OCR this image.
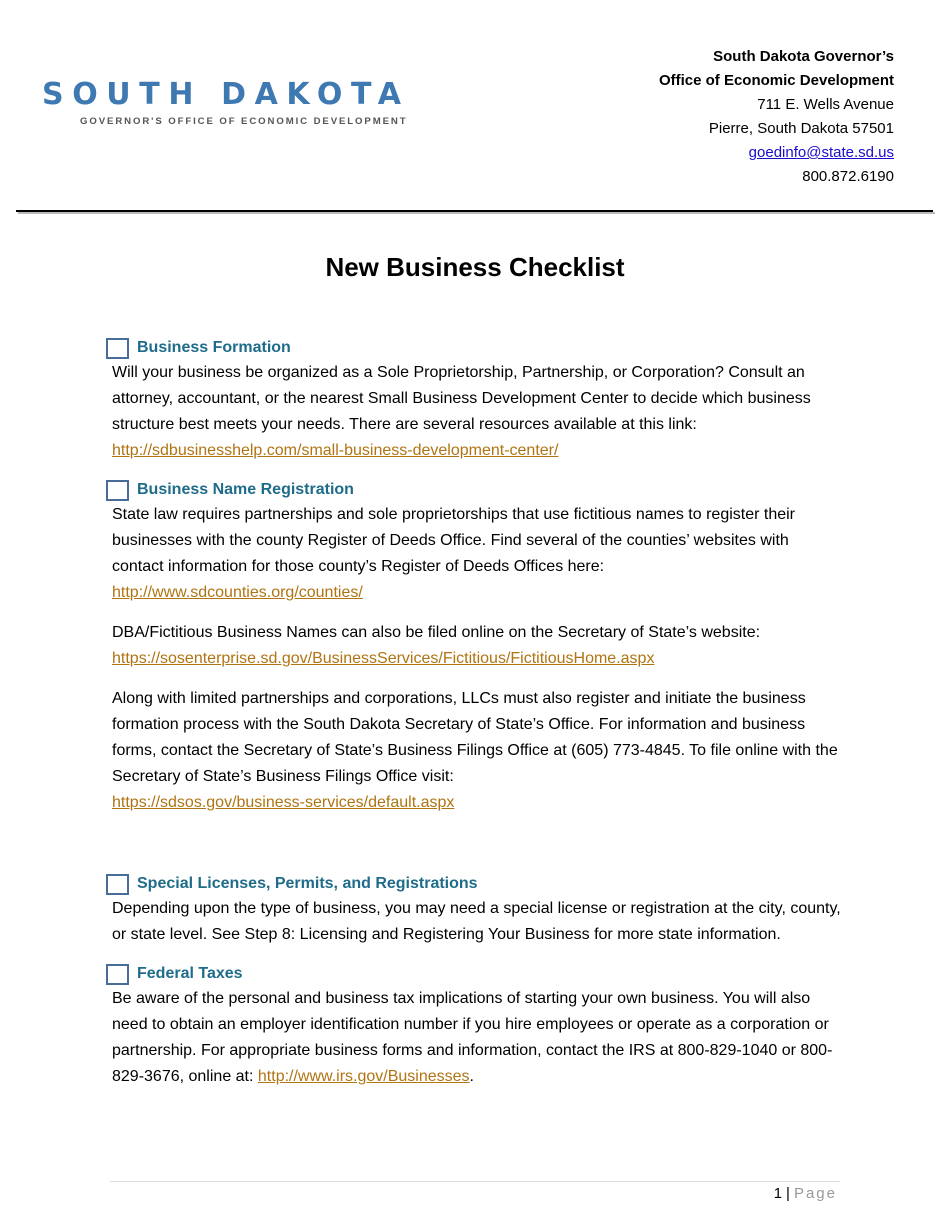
SOUTH DAKOTA
GOVERNOR'S OFFICE OF ECONOMIC DEVELOPMENT
South Dakota Governor’s
Office of Economic Development
711 E. Wells Avenue
Pierre, South Dakota 57501
goedinfo@state.sd.us
800.872.6190
New Business Checklist
Business Formation

Will your business be organized as a Sole Proprietorship, Partnership, or Corporation? Consult an attorney, accountant, or the nearest Small Business Development Center to decide which business structure best meets your needs. There are several resources available at this link:
http://sdbusinesshelp.com/small-business-development-center/

Business Name Registration

State law requires partnerships and sole proprietorships that use fictitious names to register their businesses with the county Register of Deeds Office. Find several of the counties’ websites with contact information for those county’s Register of Deeds Offices here:
http://www.sdcounties.org/counties/

DBA/Fictitious Business Names can also be filed online on the Secretary of State’s website:
https://sosenterprise.sd.gov/BusinessServices/Fictitious/FictitiousHome.aspx

Along with limited partnerships and corporations, LLCs must also register and initiate the business formation process with the South Dakota Secretary of State’s Office. For information and business forms, contact the Secretary of State’s Business Filings Office at (605) 773-4845. To file online with the Secretary of State’s Business Filings Office visit:
https://sdsos.gov/business-services/default.aspx

Special Licenses, Permits, and Registrations

Depending upon the type of business, you may need a special license or registration at the city, county, or state level. See Step 8: Licensing and Registering Your Business for more state information.

Federal Taxes

Be aware of the personal and business tax implications of starting your own business. You will also need to obtain an employer identification number if you hire employees or operate as a corporation or partnership. For appropriate business forms and information, contact the IRS at 800-829-1040 or 800-829-3676, online at: http://www.irs.gov/Businesses.

1 | Page
